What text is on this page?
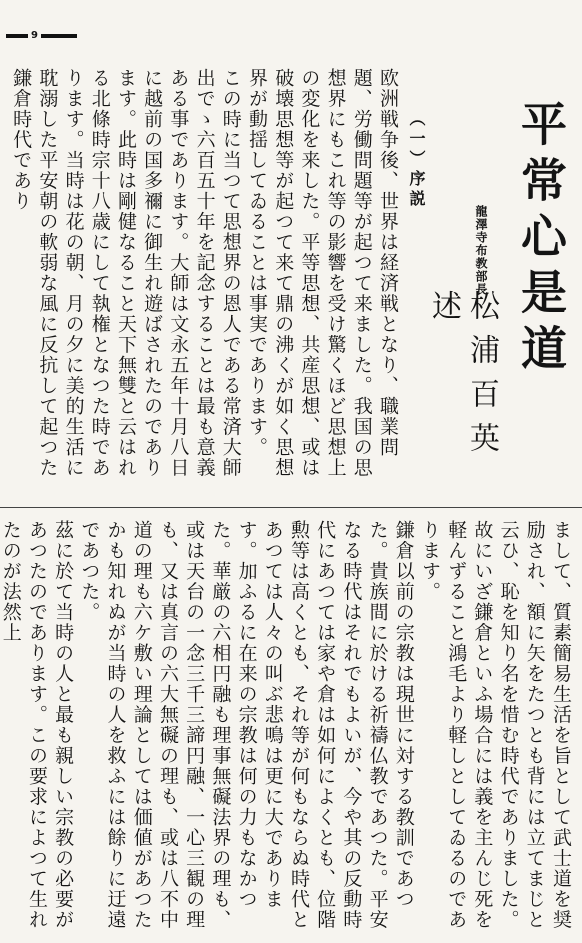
9
平常心是道
龍澤寺布教部長
松浦百英述
（一）序説
欧洲戦争後、世界は経済戦となり、職業問題、労働問題等が起つて来ました。我国の思想界にもこれ等の影響を受け驚くほど思想上の変化を来した。平等思想、共産思想、或は破壊思想等が起つて来て鼎の沸くが如く思想界が動揺してゐることは事実であります。
この時に当つて思想界の恩人である常済大師出でゝ六百五十年を記念することは最も意義ある事であります。大師は文永五年十月八日に越前の国多禰に御生れ遊ばされたのであります。此時は剛健なること天下無雙と云はれる北條時宗十八歳にして執権となつた時であります。当時は花の朝、月の夕に美的生活に耽溺した平安朝の軟弱な風に反抗して起つた鎌倉時代であり
まして、質素簡易生活を旨として武士道を奨励され、額に矢をたつとも背には立てまじと云ひ、恥を知り名を惜む時代でありました。故にいざ鎌倉といふ場合には義を主んじ死を軽んずること鴻毛より軽しとしてゐるのであります。
鎌倉以前の宗教は現世に対する教訓であつた。貴族間に於ける祈禱仏教であつた。平安なる時代はそれでもよいが、今や其の反動時代にあつては家や倉は如何によくとも、位階勲等は高くとも、それ等が何もならぬ時代とあつては人々の叫ぶ悲鳴は更に大であります。加ふるに在来の宗教は何の力もなかつた。華厳の六相円融も理事無礙法界の理も、或は天台の一念三千三諦円融、一心三観の理も、又は真言の六大無礙の理も、或は八不中道の理も六ケ敷い理論としては価値があつたかも知れぬが当時の人を救ふには餘りに迂遠であつた。
茲に於て当時の人と最も親しい宗教の必要があつたのであります。この要求によつて生れたのが法然上
